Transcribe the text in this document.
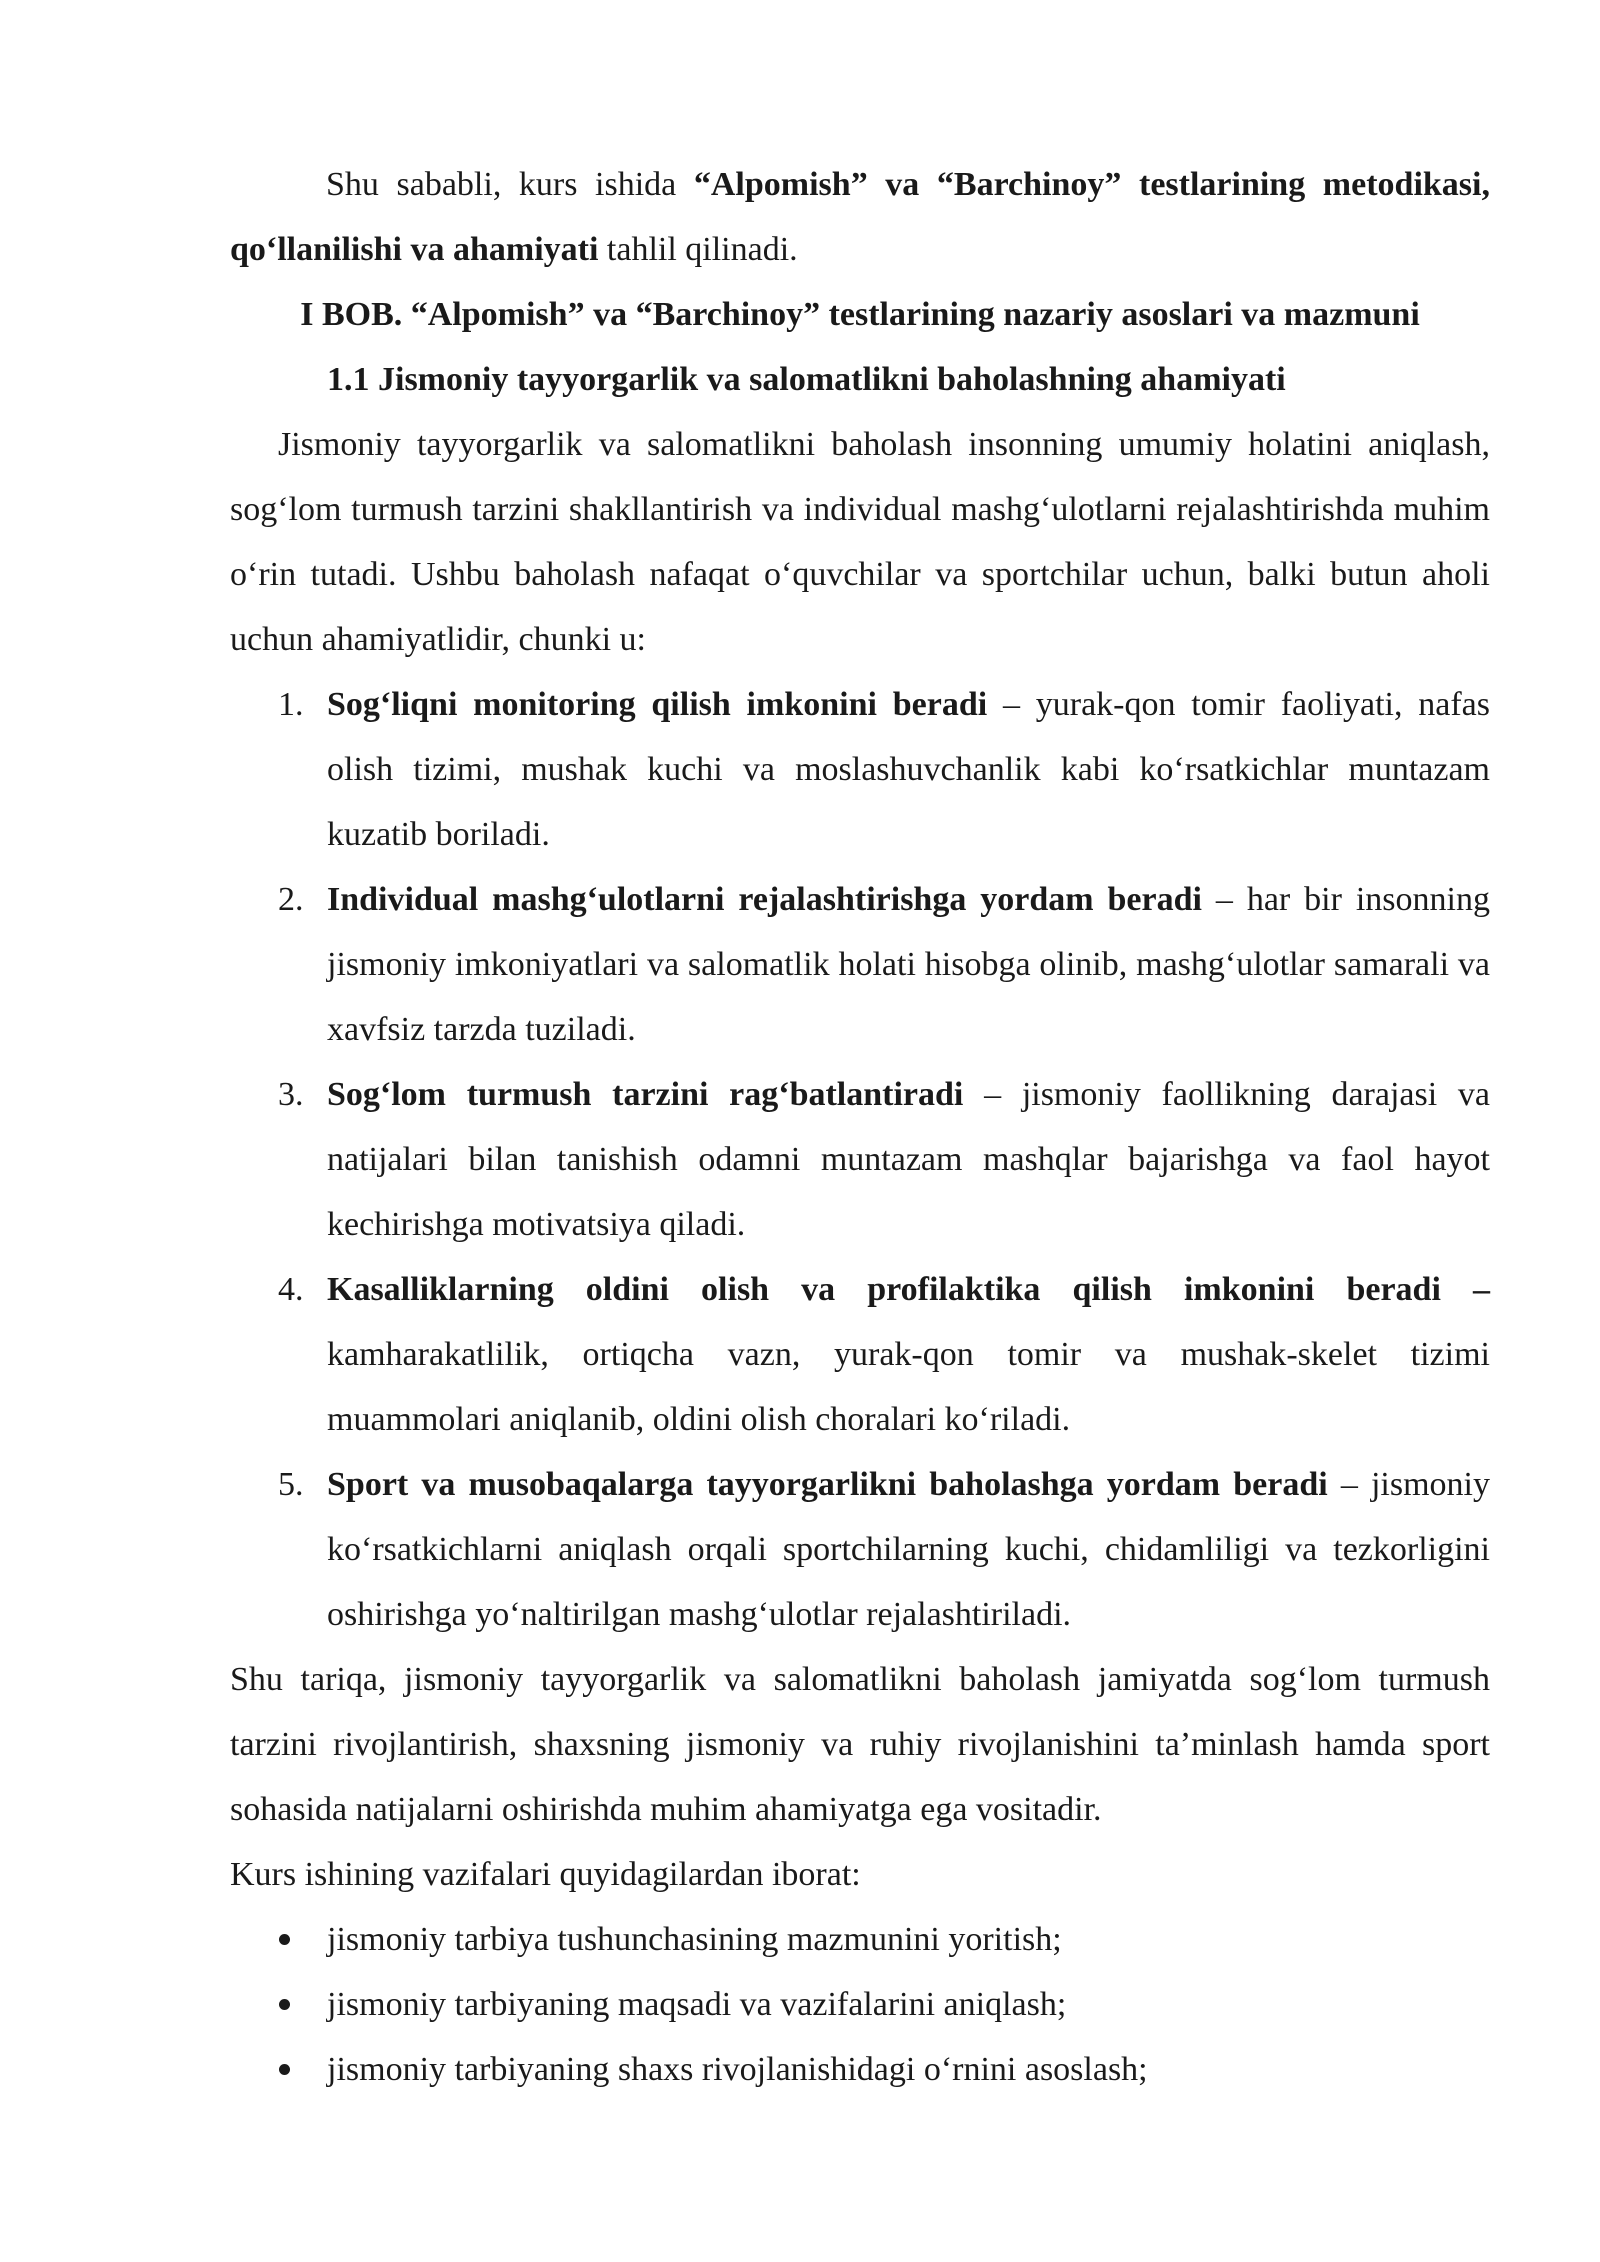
Shu sababli, kurs ishida “Alpomish” va “Barchinoy” testlarining metodikasi, qo‘llanilishi va ahamiyati tahlil qilinadi.

I BOB. “Alpomish” va “Barchinoy” testlarining nazariy asoslari va mazmuni

1.1 Jismoniy tayyorgarlik va salomatlikni baholashning ahamiyati

Jismoniy tayyorgarlik va salomatlikni baholash insonning umumiy holatini aniqlash, sog‘lom turmush tarzini shakllantirish va individual mashg‘ulotlarni rejalashtirishda muhim o‘rin tutadi. Ushbu baholash nafaqat o‘quvchilar va sportchilar uchun, balki butun aholi uchun ahamiyatlidir, chunki u:

1. Sog‘liqni monitoring qilish imkonini beradi – yurak-qon tomir faoliyati, nafas olish tizimi, mushak kuchi va moslashuvchanlik kabi ko‘rsatkichlar muntazam kuzatib boriladi.
2. Individual mashg‘ulotlarni rejalashtirishga yordam beradi – har bir insonning jismoniy imkoniyatlari va salomatlik holati hisobga olinib, mashg‘ulotlar samarali va xavfsiz tarzda tuziladi.
3. Sog‘lom turmush tarzini rag‘batlantiradi – jismoniy faollikning darajasi va natijalari bilan tanishish odamni muntazam mashqlar bajarishga va faol hayot kechirishga motivatsiya qiladi.
4. Kasalliklarning oldini olish va profilaktika qilish imkonini beradi – kamharakatlilik, ortiqcha vazn, yurak-qon tomir va mushak-skelet tizimi muammolari aniqlanib, oldini olish choralari ko‘riladi.
5. Sport va musobaqalarga tayyorgarlikni baholashga yordam beradi – jismoniy ko‘rsatkichlarni aniqlash orqali sportchilarning kuchi, chidamliligi va tezkorligini oshirishga yo‘naltirilgan mashg‘ulotlar rejalashtiriladi.

Shu tariqa, jismoniy tayyorgarlik va salomatlikni baholash jamiyatda sog‘lom turmush tarzini rivojlantirish, shaxsning jismoniy va ruhiy rivojlanishini ta’minlash hamda sport sohasida natijalarni oshirishda muhim ahamiyatga ega vositadir.

Kurs ishining vazifalari quyidagilardan iborat:

jismoniy tarbiya tushunchasining mazmunini yoritish;
jismoniy tarbiyaning maqsadi va vazifalarini aniqlash;
jismoniy tarbiyaning shaxs rivojlanishidagi o‘rnini asoslash;
